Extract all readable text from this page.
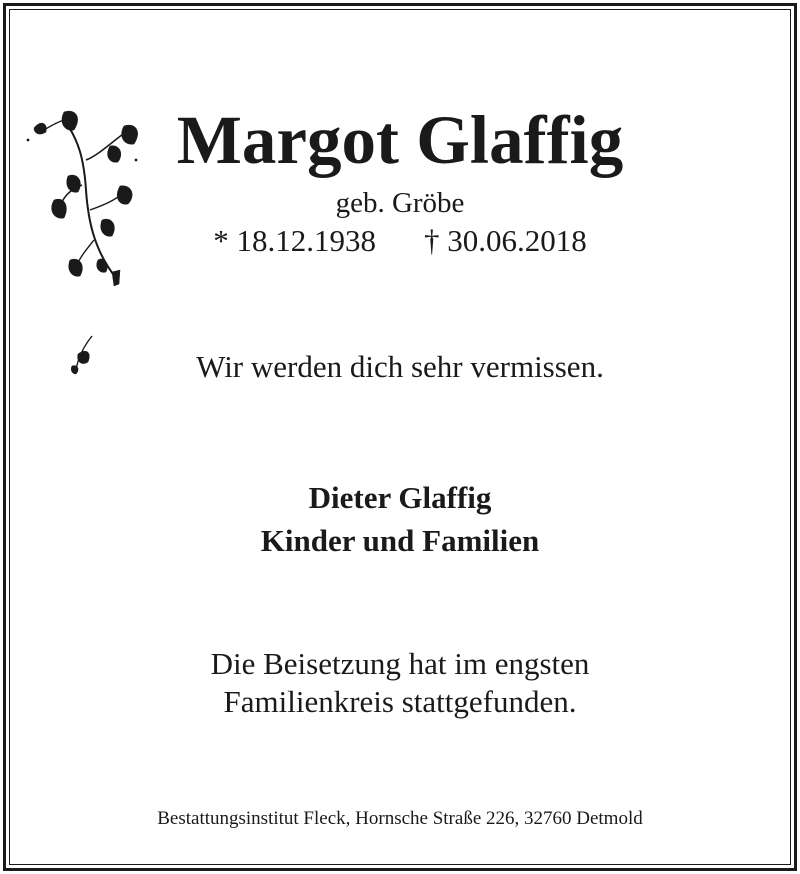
Margot Glaffig
geb. Gröbe
* 18.12.1938 † 30.06.2018
Wir werden dich sehr vermissen.
Dieter Glaffig
Kinder und Familien
Die Beisetzung hat im engsten
Familienkreis stattgefunden.
Bestattungsinstitut Fleck, Hornsche Straße 226, 32760 Detmold
